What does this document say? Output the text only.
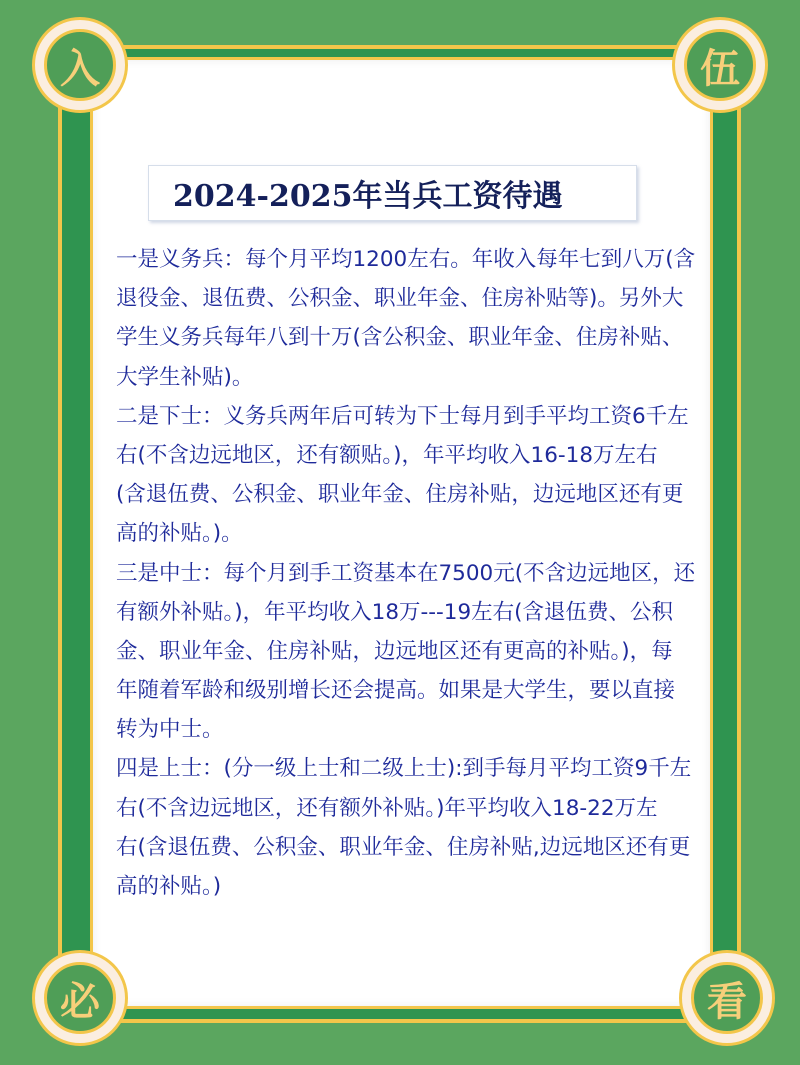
入	伍
必	看
2024-2025年当兵工资待遇
一是义务兵：每个月平均1200左右。年收入每年七到八万(含
退役金、退伍费、公积金、职业年金、住房补贴等)。另外大
学生义务兵每年八到十万(含公积金、职业年金、住房补贴、
大学生补贴)。
二是下士：义务兵两年后可转为下士每月到手平均工资6千左
右(不含边远地区，还有额贴。)，年平均收入16-18万左右
(含退伍费、公积金、职业年金、住房补贴，边远地区还有更
高的补贴。)。
三是中士：每个月到手工资基本在7500元(不含边远地区，还
有额外补贴。)，年平均收入18万---19左右(含退伍费、公积
金、职业年金、住房补贴，边远地区还有更高的补贴。)，每
年随着军龄和级别增长还会提高。如果是大学生，要以直接
转为中士。
四是上士：(分一级上士和二级上士):到手每月平均工资9千左
右(不含边远地区，还有额外补贴。)年平均收入18-22万左
右(含退伍费、公积金、职业年金、住房补贴,边远地区还有更
高的补贴。)
